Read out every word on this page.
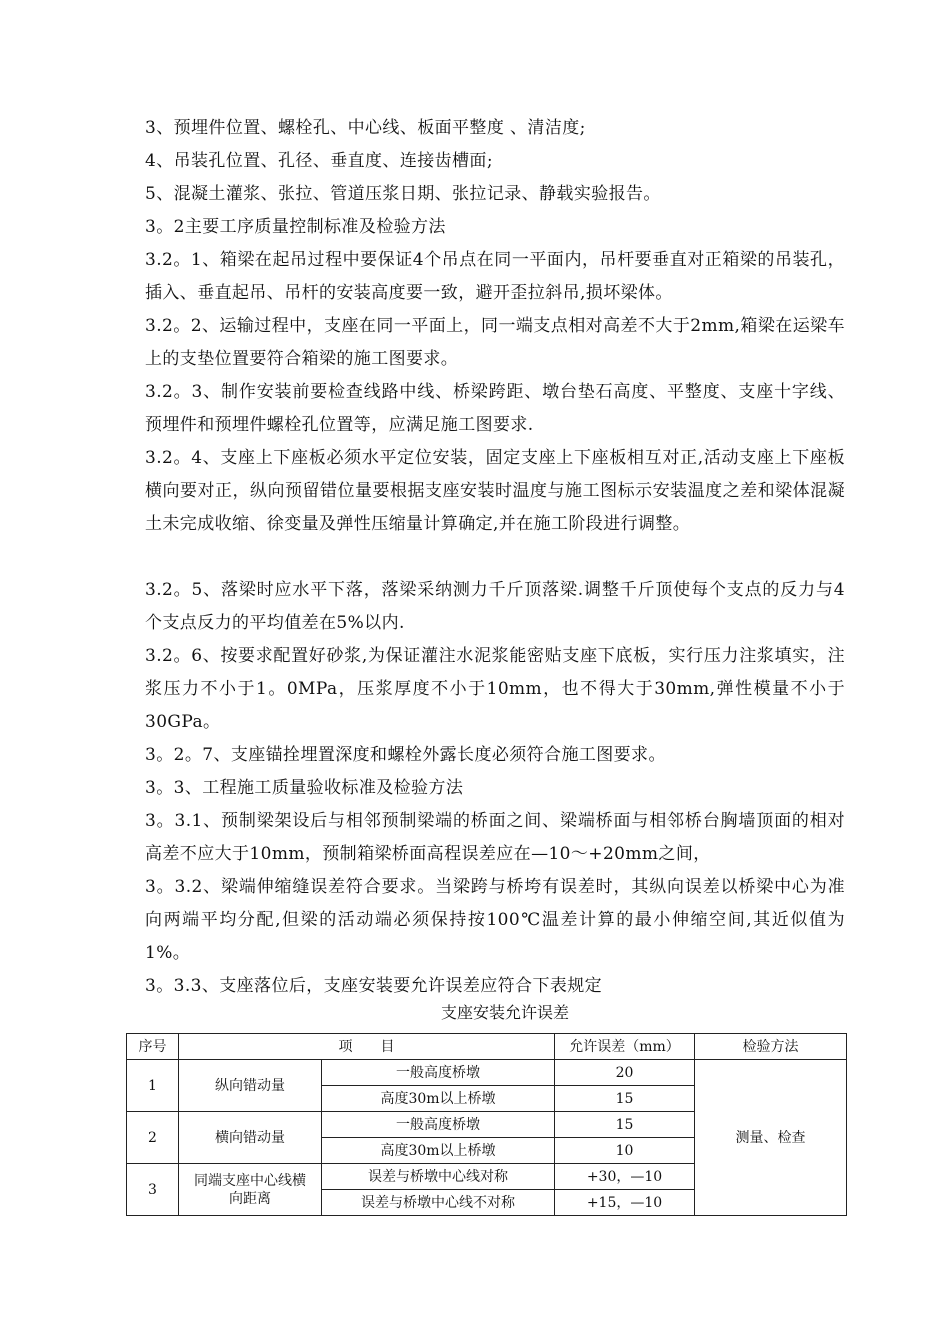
3、预埋件位置、螺栓孔、中心线、板面平整度 、清洁度;

4、吊装孔位置、孔径、垂直度、连接齿槽面;

5、混凝土灌浆、张拉、管道压浆日期、张拉记录、静载实验报告。

3。2主要工序质量控制标准及检验方法

3.2。1、箱梁在起吊过程中要保证4个吊点在同一平面内，吊杆要垂直对正箱梁的吊装孔，插入、垂直起吊、吊杆的安装高度要一致，避开歪拉斜吊,损坏梁体。

3.2。2、运输过程中，支座在同一平面上，同一端支点相对高差不大于2mm,箱梁在运梁车上的支垫位置要符合箱梁的施工图要求。

3.2。3、制作安装前要检查线路中线、桥梁跨距、墩台垫石高度、平整度、支座十字线、预埋件和预埋件螺栓孔位置等，应满足施工图要求.

3.2。4、支座上下座板必须水平定位安装，固定支座上下座板相互对正,活动支座上下座板横向要对正，纵向预留错位量要根据支座安装时温度与施工图标示安装温度之差和梁体混凝土未完成收缩、徐变量及弹性压缩量计算确定,并在施工阶段进行调整。

3.2。5、落梁时应水平下落，落梁采纳测力千斤顶落梁.调整千斤顶使每个支点的反力与4个支点反力的平均值差在5%以内.

3.2。6、按要求配置好砂浆,为保证灌注水泥浆能密贴支座下底板，实行压力注浆填实，注浆压力不小于1。0MPa，压浆厚度不小于10mm，也不得大于30mm,弹性模量不小于30GPa。

3。2。7、支座锚拴埋置深度和螺栓外露长度必须符合施工图要求。

3。3、工程施工质量验收标准及检验方法

3。3.1、预制梁架设后与相邻预制梁端的桥面之间、梁端桥面与相邻桥台胸墙顶面的相对高差不应大于10mm，预制箱梁桥面高程误差应在—10～+20mm之间，

3。3.2、梁端伸缩缝误差符合要求。当梁跨与桥垮有误差时，其纵向误差以桥梁中心为准向两端平均分配,但梁的活动端必须保持按100℃温差计算的最小伸缩空间,其近似值为1%。

3。3.3、支座落位后，支座安装要允许误差应符合下表规定

支座安装允许误差
序号	项　　目		允许误差（mm）	检验方法
1	纵向错动量	一般高度桥墩	20	测量、检查
		高度30m以上桥墩	15	
2	横向错动量	一般高度桥墩	15	
		高度30m以上桥墩	10	
3	同端支座中心线横向距离	误差与桥墩中心线对称	+30，—10	
		误差与桥墩中心线不对称	+15，—10	
